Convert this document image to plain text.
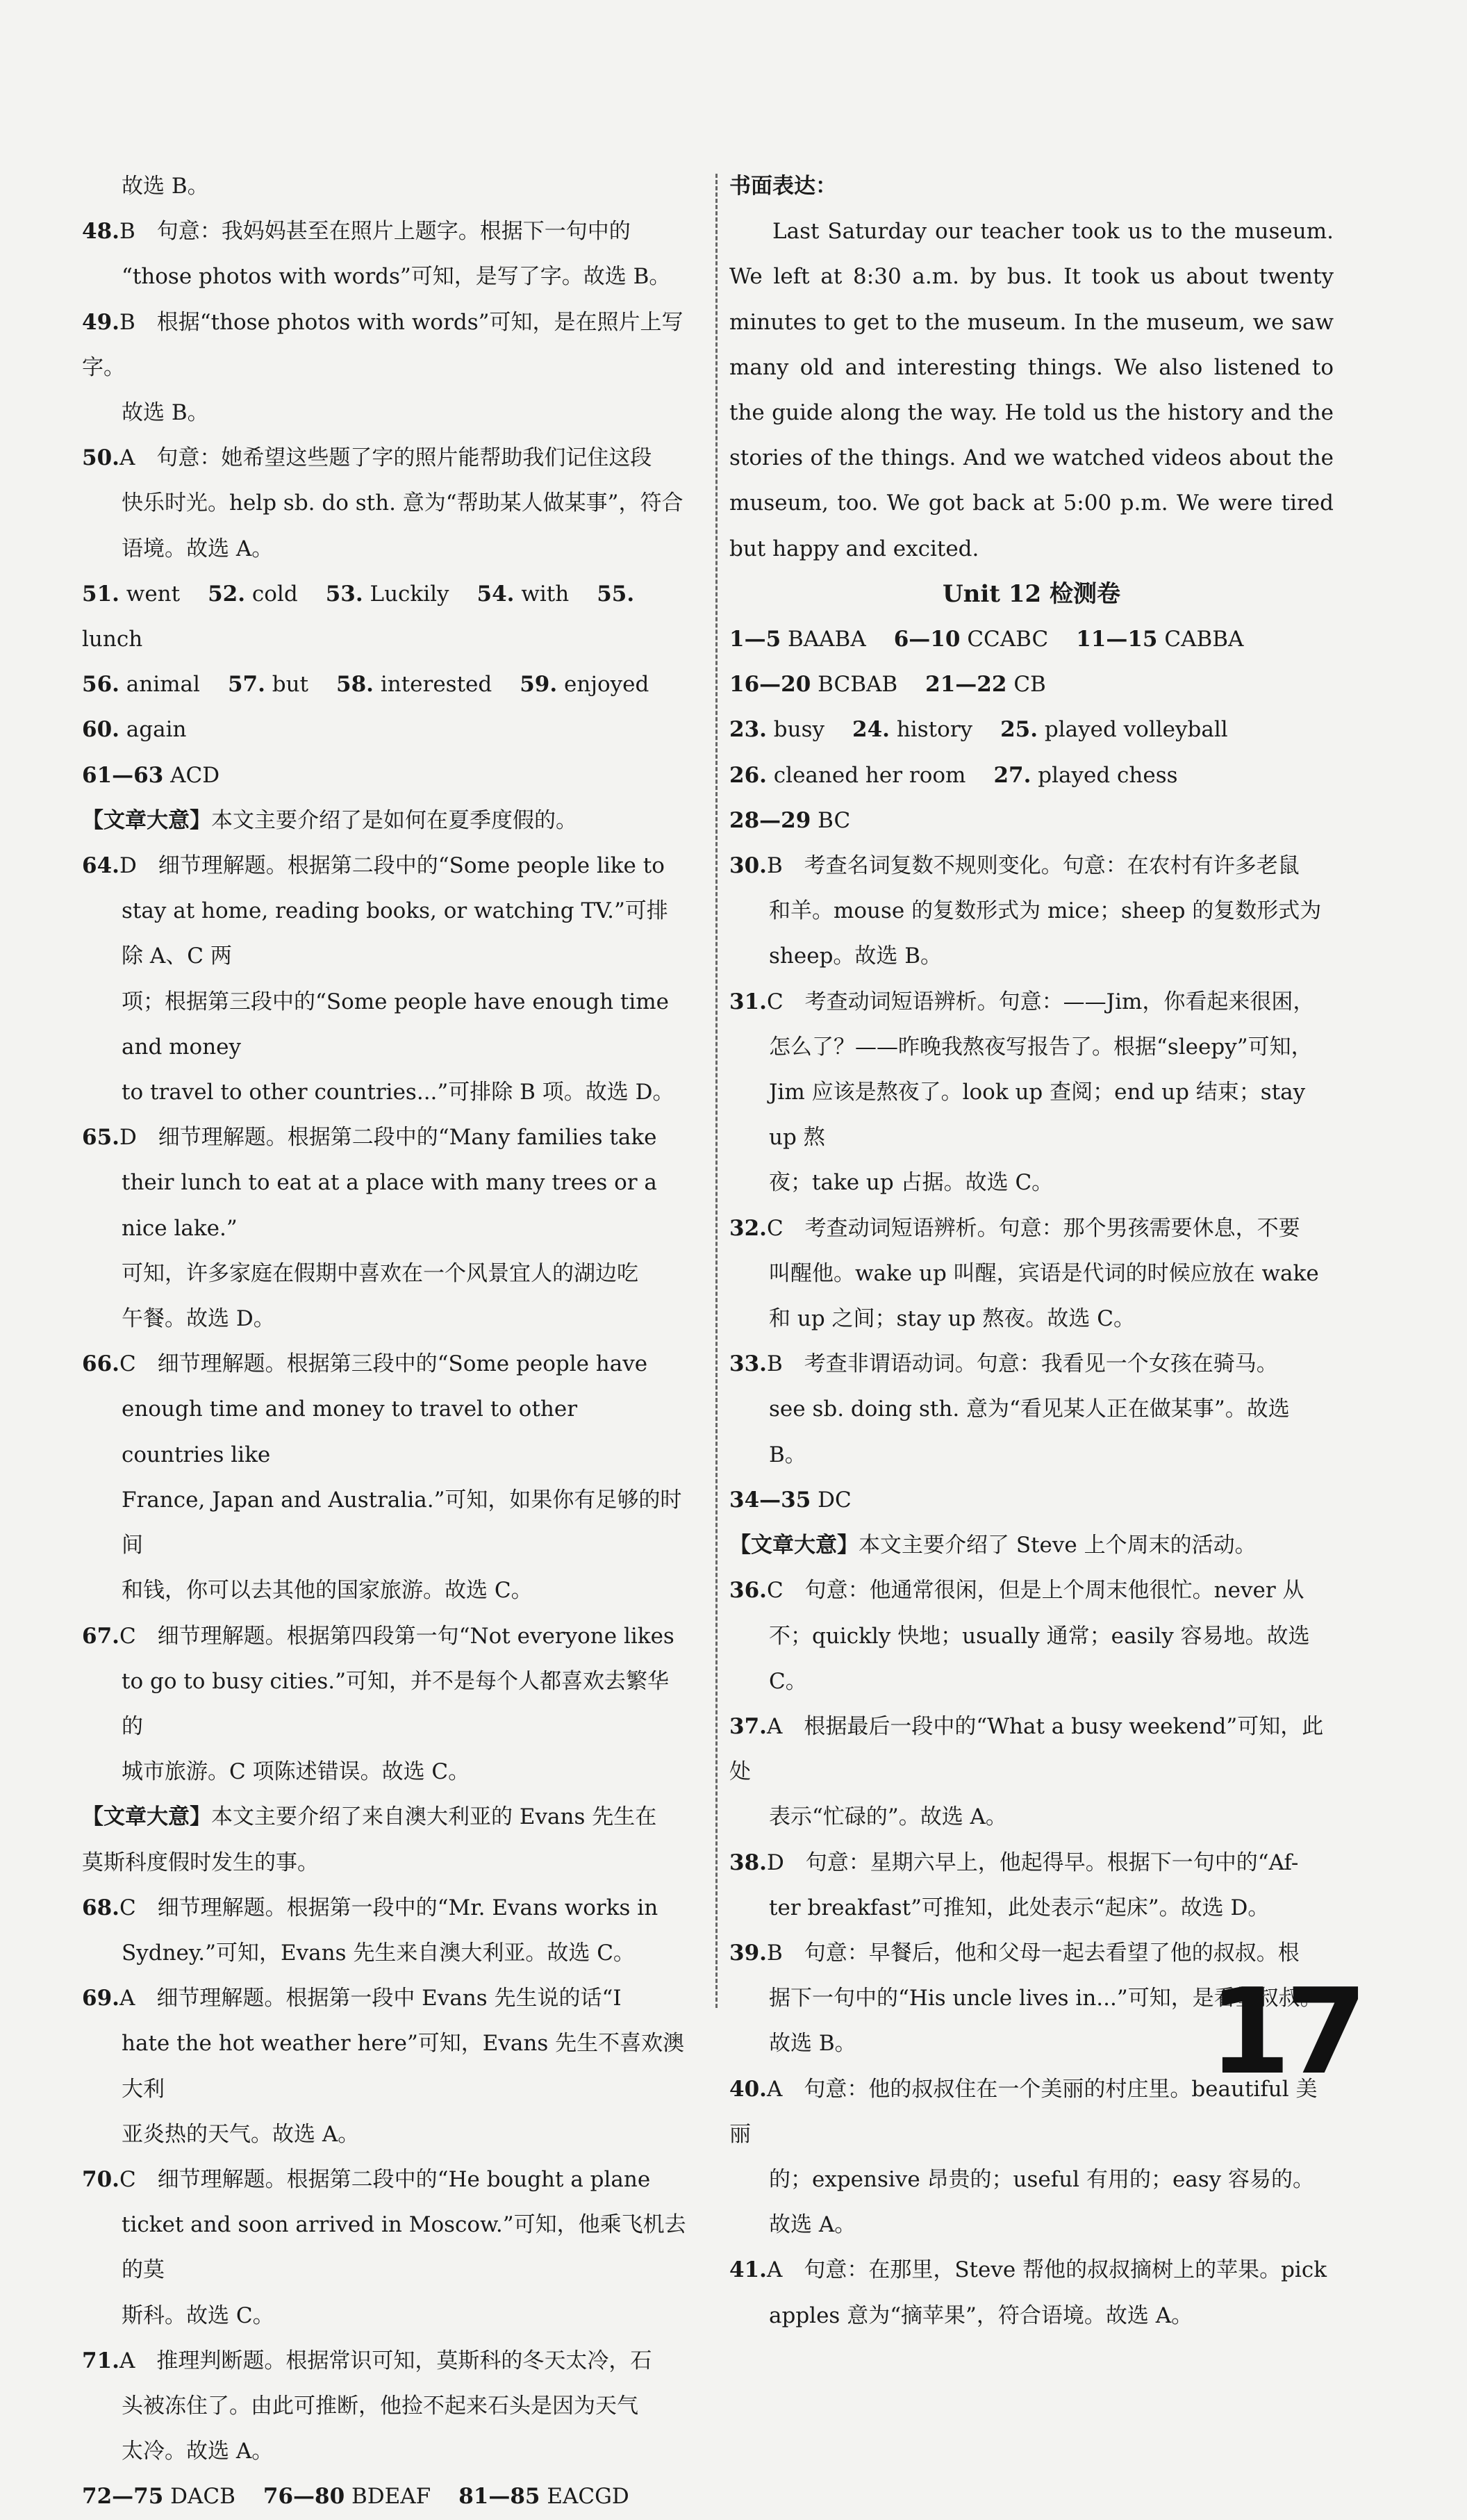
故选 B。
48.B　句意：我妈妈甚至在照片上题字。根据下一句中的
“those photos with words”可知，是写了字。故选 B。
49.B　根据“those photos with words”可知，是在照片上写字。
故选 B。
50.A　句意：她希望这些题了字的照片能帮助我们记住这段
快乐时光。help sb. do sth. 意为“帮助某人做某事”，符合
语境。故选 A。
51. went 52. cold 53. Luckily 54. with 55. lunch
56. animal 57. but 58. interested 59. enjoyed60. again
61—63 ACD
【文章大意】本文主要介绍了是如何在夏季度假的。
64.D　细节理解题。根据第二段中的“Some people like to
stay at home, reading books, or watching TV.”可排除 A、C 两
项；根据第三段中的“Some people have enough time and money
to travel to other countries...”可排除 B 项。故选 D。
65.D　细节理解题。根据第二段中的“Many families take
their lunch to eat at a place with many trees or a nice lake.”
可知，许多家庭在假期中喜欢在一个风景宜人的湖边吃
午餐。故选 D。
66.C　细节理解题。根据第三段中的“Some people have
enough time and money to travel to other countries like
France, Japan and Australia.”可知，如果你有足够的时间
和钱，你可以去其他的国家旅游。故选 C。
67.C　细节理解题。根据第四段第一句“Not everyone likes
to go to busy cities.”可知，并不是每个人都喜欢去繁华的
城市旅游。C 项陈述错误。故选 C。
【文章大意】本文主要介绍了来自澳大利亚的 Evans 先生在
莫斯科度假时发生的事。
68.C　细节理解题。根据第一段中的“Mr. Evans works in
Sydney.”可知，Evans 先生来自澳大利亚。故选 C。
69.A　细节理解题。根据第一段中 Evans 先生说的话“I
hate the hot weather here”可知，Evans 先生不喜欢澳大利
亚炎热的天气。故选 A。
70.C　细节理解题。根据第二段中的“He bought a plane
ticket and soon arrived in Moscow.”可知，他乘飞机去的莫
斯科。故选 C。
71.A　推理判断题。根据常识可知，莫斯科的冬天太冷，石
头被冻住了。由此可推断，他捡不起来石头是因为天气
太冷。故选 A。
72—75 DACB 76—80 BDEAF 81—85 EACGD
书面表达：
Last Saturday our teacher took us to the museum. We left at 8:30 a.m. by bus. It took us about twenty minutes to get to the museum. In the museum, we saw many old and interesting things. We also listened to the guide along the way. He told us the history and the stories of the things. And we watched videos about the museum, too. We got back at 5:00 p.m. We were tired but happy and excited.
Unit 12 检测卷
1—5 BAABA 6—10 CCABC 11—15 CABBA
16—20 BCBAB 21—22 CB
23. busy 24. history 25. played volleyball
26. cleaned her room 27. played chess
28—29 BC
30.B　考查名词复数不规则变化。句意：在农村有许多老鼠
和羊。mouse 的复数形式为 mice；sheep 的复数形式为
sheep。故选 B。
31.C　考查动词短语辨析。句意：——Jim，你看起来很困，
怎么了？——昨晚我熬夜写报告了。根据“sleepy”可知，
Jim 应该是熬夜了。look up 查阅；end up 结束；stay up 熬
夜；take up 占据。故选 C。
32.C　考查动词短语辨析。句意：那个男孩需要休息，不要
叫醒他。wake up 叫醒，宾语是代词的时候应放在 wake
和 up 之间；stay up 熬夜。故选 C。
33.B　考查非谓语动词。句意：我看见一个女孩在骑马。
see sb. doing sth. 意为“看见某人正在做某事”。故选 B。
34—35 DC
【文章大意】本文主要介绍了 Steve 上个周末的活动。
36.C　句意：他通常很闲，但是上个周末他很忙。never 从
不；quickly 快地；usually 通常；easily 容易地。故选 C。
37.A　根据最后一段中的“What a busy weekend”可知，此处
表示“忙碌的”。故选 A。
38.D　句意：星期六早上，他起得早。根据下一句中的“Af-
ter breakfast”可推知，此处表示“起床”。故选 D。
39.B　句意：早餐后，他和父母一起去看望了他的叔叔。根
据下一句中的“His uncle lives in...”可知，是看望叔叔。
故选 B。
40.A　句意：他的叔叔住在一个美丽的村庄里。beautiful 美丽
的；expensive 昂贵的；useful 有用的；easy 容易的。故选 A。
41.A　句意：在那里，Steve 帮他的叔叔摘树上的苹果。pick
apples 意为“摘苹果”，符合语境。故选 A。
17
